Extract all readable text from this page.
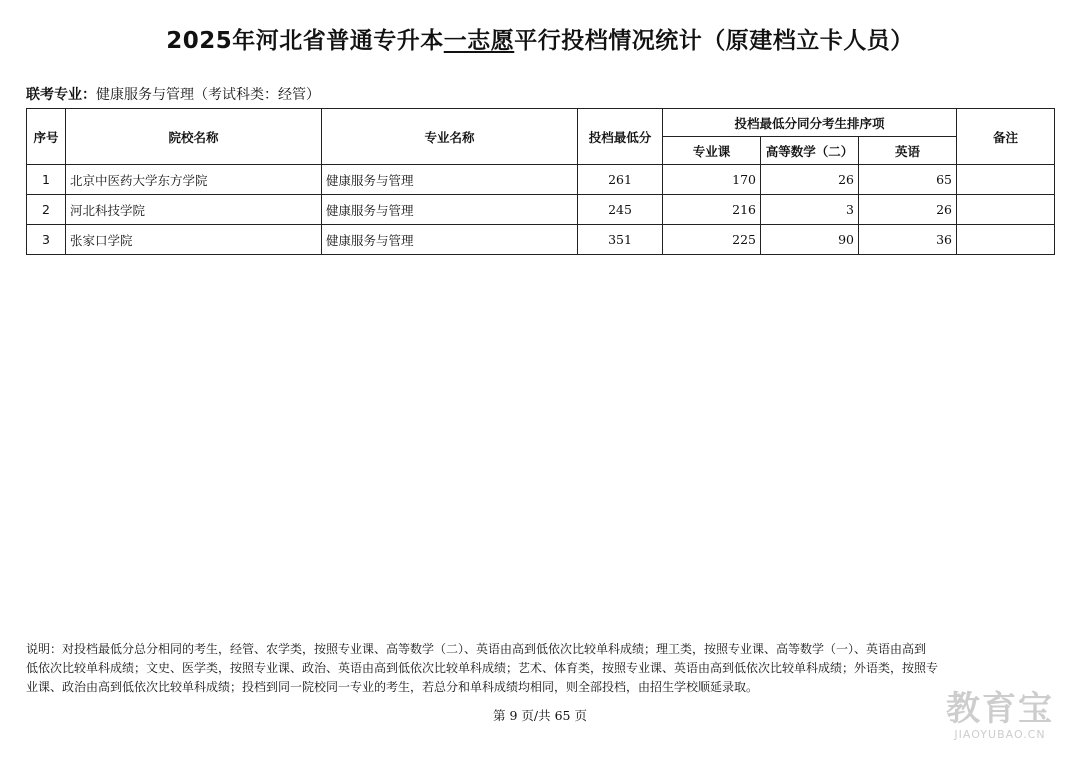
2025年河北省普通专升本一志愿平行投档情况统计（原建档立卡人员）
联考专业：健康服务与管理（考试科类：经管）
序号	院校名称	专业名称	投档最低分	投档最低分同分考生排序项			备注
				专业课	高等数学（二）	英语	
1	北京中医药大学东方学院	健康服务与管理	261	170	26	65	
2	河北科技学院	健康服务与管理	245	216	3	26	
3	张家口学院	健康服务与管理	351	225	90	36	
说明：对投档最低分总分相同的考生，经管、农学类，按照专业课、高等数学（二）、英语由高到低依次比较单科成绩；理工类，按照专业课、高等数学（一）、英语由高到
低依次比较单科成绩；文史、医学类，按照专业课、政治、英语由高到低依次比较单科成绩；艺术、体育类，按照专业课、英语由高到低依次比较单科成绩；外语类，按照专
业课、政治由高到低依次比较单科成绩；投档到同一院校同一专业的考生，若总分和单科成绩均相同，则全部投档，由招生学校顺延录取。
第 9 页/共 65 页	教育宝
JIAOYUBAO.CN
